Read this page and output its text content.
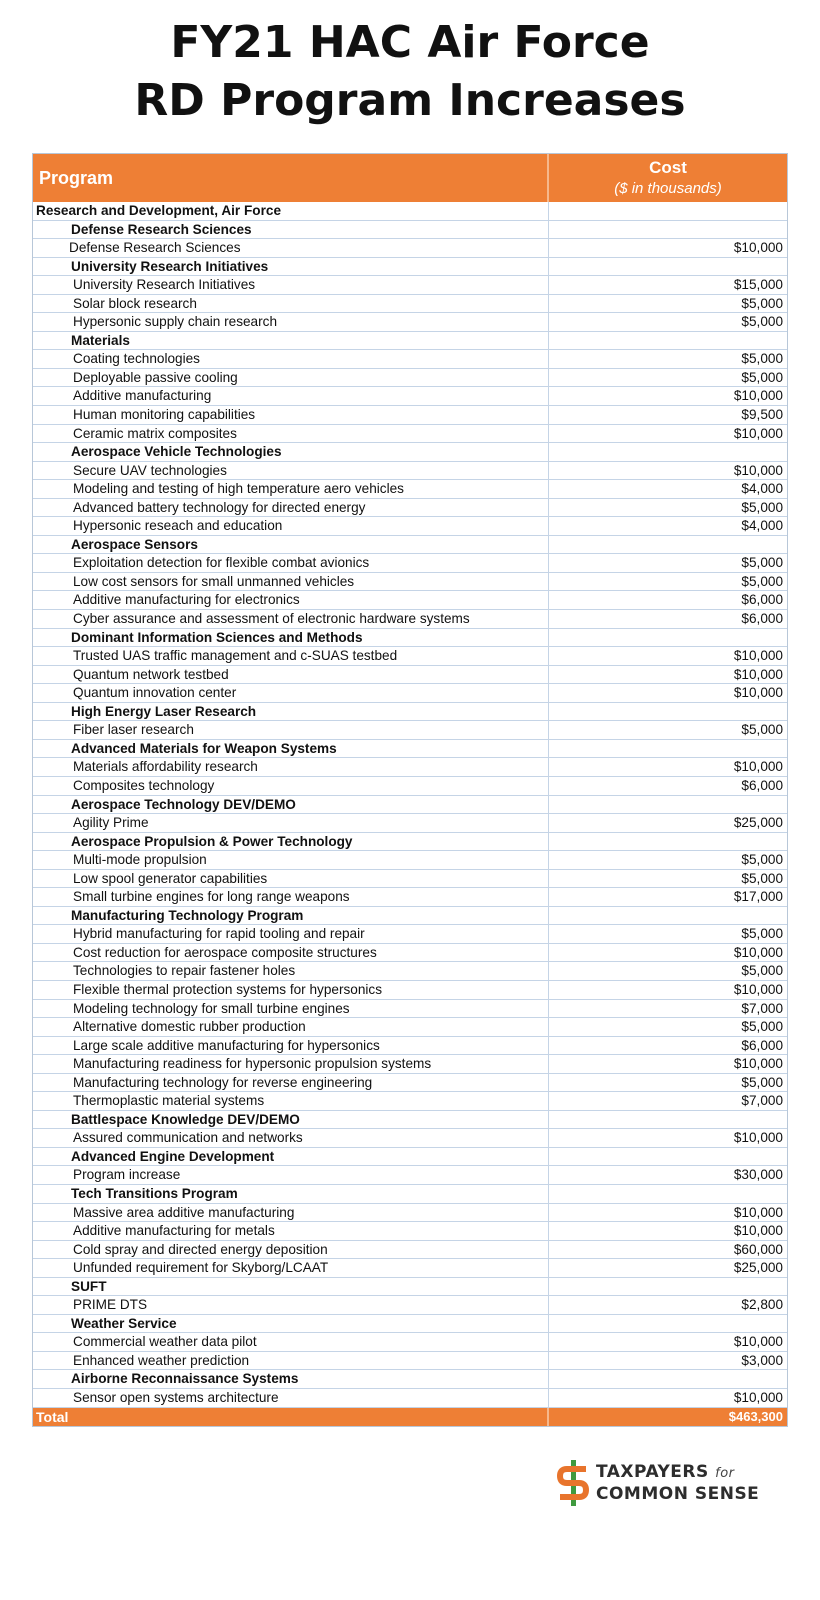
FY21 HAC Air Force
RD Program Increases
Program
Cost
($ in thousands)
Research and Development, Air Force
Defense Research Sciences
Defense Research Sciences	$10,000
University Research Initiatives
University Research Initiatives	$15,000
Solar block research	$5,000
Hypersonic supply chain research	$5,000
Materials
Coating technologies	$5,000
Deployable passive cooling	$5,000
Additive manufacturing	$10,000
Human monitoring capabilities	$9,500
Ceramic matrix composites	$10,000
Aerospace Vehicle Technologies
Secure UAV technologies	$10,000
Modeling and testing of high temperature aero vehicles	$4,000
Advanced battery technology for directed energy	$5,000
Hypersonic reseach and education	$4,000
Aerospace Sensors
Exploitation detection for flexible combat avionics	$5,000
Low cost sensors for small unmanned vehicles	$5,000
Additive manufacturing for electronics	$6,000
Cyber assurance and assessment of electronic hardware systems	$6,000
Dominant Information Sciences and Methods
Trusted UAS traffic management and c-SUAS testbed	$10,000
Quantum network testbed	$10,000
Quantum innovation center	$10,000
High Energy Laser Research
Fiber laser research	$5,000
Advanced Materials for Weapon Systems
Materials affordability research	$10,000
Composites technology	$6,000
Aerospace Technology DEV/DEMO
Agility Prime	$25,000
Aerospace Propulsion & Power Technology
Multi-mode propulsion	$5,000
Low spool generator capabilities	$5,000
Small turbine engines for long range weapons	$17,000
Manufacturing Technology Program
Hybrid manufacturing for rapid tooling and repair	$5,000
Cost reduction for aerospace composite structures	$10,000
Technologies to repair fastener holes	$5,000
Flexible thermal protection systems for hypersonics	$10,000
Modeling technology for small turbine engines	$7,000
Alternative domestic rubber production	$5,000
Large scale additive manufacturing for hypersonics	$6,000
Manufacturing readiness for hypersonic propulsion systems	$10,000
Manufacturing technology for reverse engineering	$5,000
Thermoplastic material systems	$7,000
Battlespace Knowledge DEV/DEMO
Assured communication and networks	$10,000
Advanced Engine Development
Program increase	$30,000
Tech Transitions Program
Massive area additive manufacturing	$10,000
Additive manufacturing for metals	$10,000
Cold spray and directed energy deposition	$60,000
Unfunded requirement for Skyborg/LCAAT	$25,000
SUFT
PRIME DTS	$2,800
Weather Service
Commercial weather data pilot	$10,000
Enhanced weather prediction	$3,000
Airborne Reconnaissance Systems
Sensor open systems architecture	$10,000
Total	$463,300
TAXPAYERS for
COMMON SENSE
